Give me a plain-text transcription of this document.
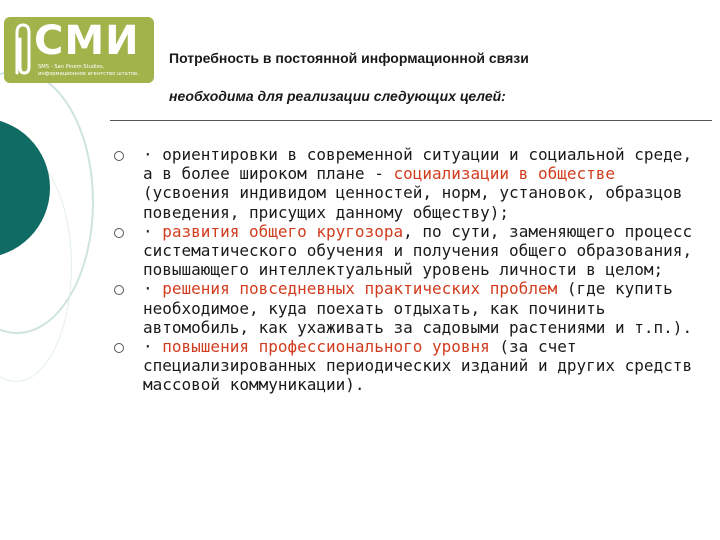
СМИ
SMS - San Pinem Studies, информационное агентство штатов.
Потребность в постоянной информационной связи
необходима для реализации следующих целей:
· ориентировки в современной ситуации и социальной среде, а в более широком плане - социализации в обществе (усвоения индивидом ценностей, норм, установок, образцов поведения, присущих данному обществу);
· развития общего кругозора, по сути, заменяющего процесс систематического обучения и получения общего образования, повышающего интеллектуальный уровень личности в целом;
· решения повседневных практических проблем (где купить необходимое, куда поехать отдыхать, как починить автомобиль, как ухаживать за садовыми растениями и т.п.).
· повышения профессионального уровня (за счет специализированных периодических изданий и других средств массовой коммуникации).
